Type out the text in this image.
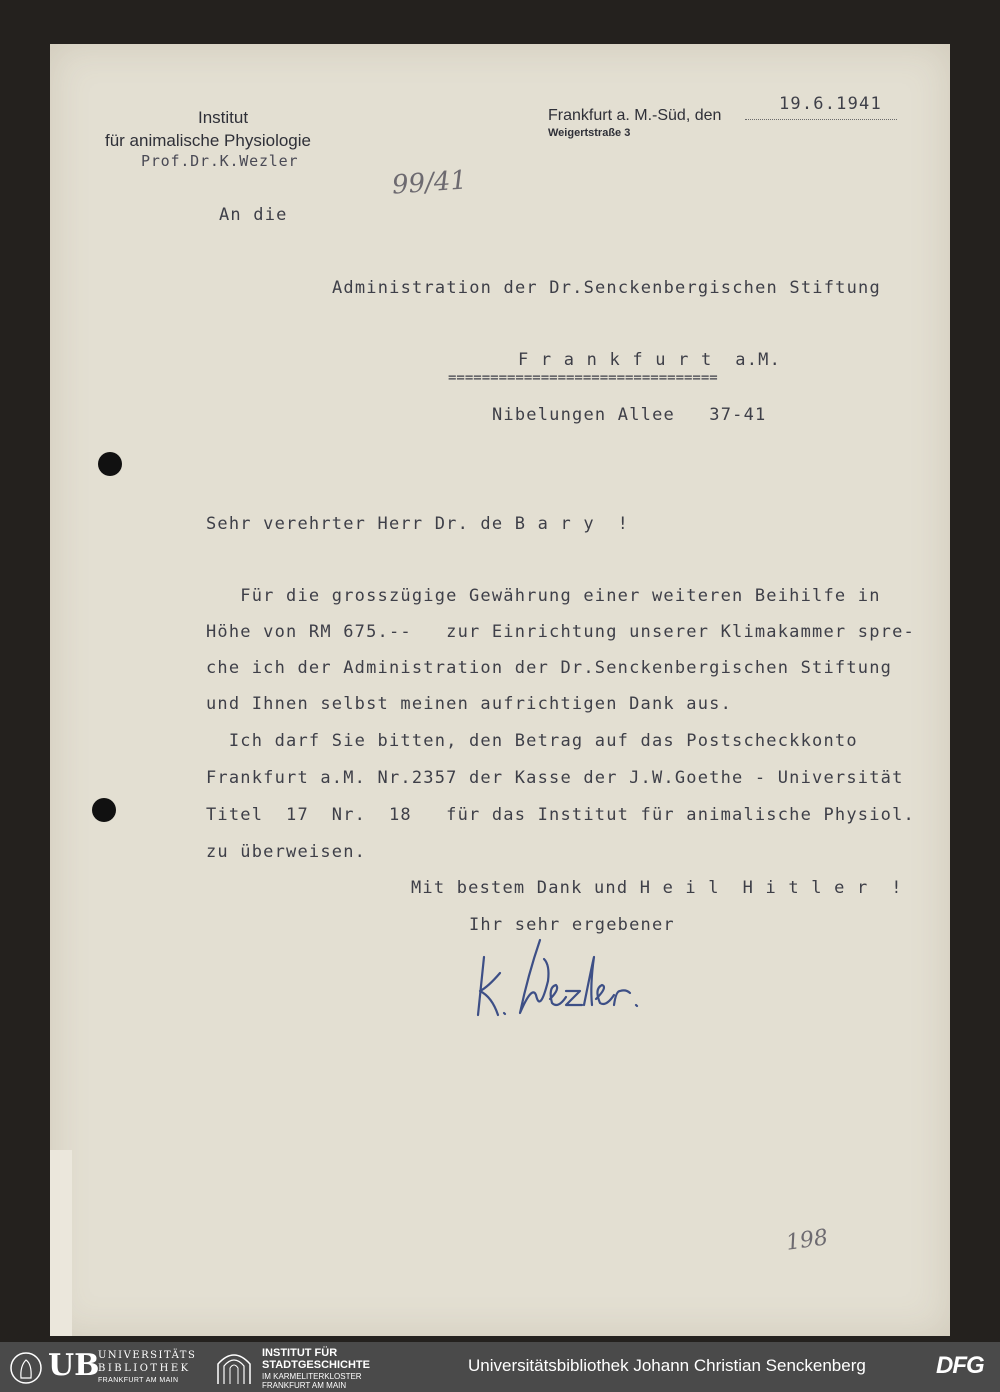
Institut
für animalische Physiologie
Prof.Dr.K.Wezler
Frankfurt a. M.-Süd, den
Weigertstraße 3
19.6.1941
99/41
An die
Administration der Dr.Senckenbergischen Stiftung
F r a n k f u r t  a.M.
================================
Nibelungen Allee   37-41
Sehr verehrter Herr Dr. de B a r y  !
Für die grosszügige Gewährung einer weiteren Beihilfe in
Höhe von RM 675.--   zur Einrichtung unserer Klimakammer spre-
che ich der Administration der Dr.Senckenbergischen Stiftung
und Ihnen selbst meinen aufrichtigen Dank aus.
Ich darf Sie bitten, den Betrag auf das Postscheckkonto
Frankfurt a.M. Nr.2357 der Kasse der J.W.Goethe - Universität
Titel  17  Nr.  18   für das Institut für animalische Physiol.
zu überweisen.
Mit bestem Dank und H e i l  H i t l e r  !
Ihr sehr ergebener
198
UB
UNIVERSITÄTS
BIBLIOTHEK
FRANKFURT AM MAIN
INSTITUT FÜR
STADTGESCHICHTE
IM KARMELITERKLOSTER
FRANKFURT AM MAIN
Universitätsbibliothek Johann Christian Senckenberg	DFG
